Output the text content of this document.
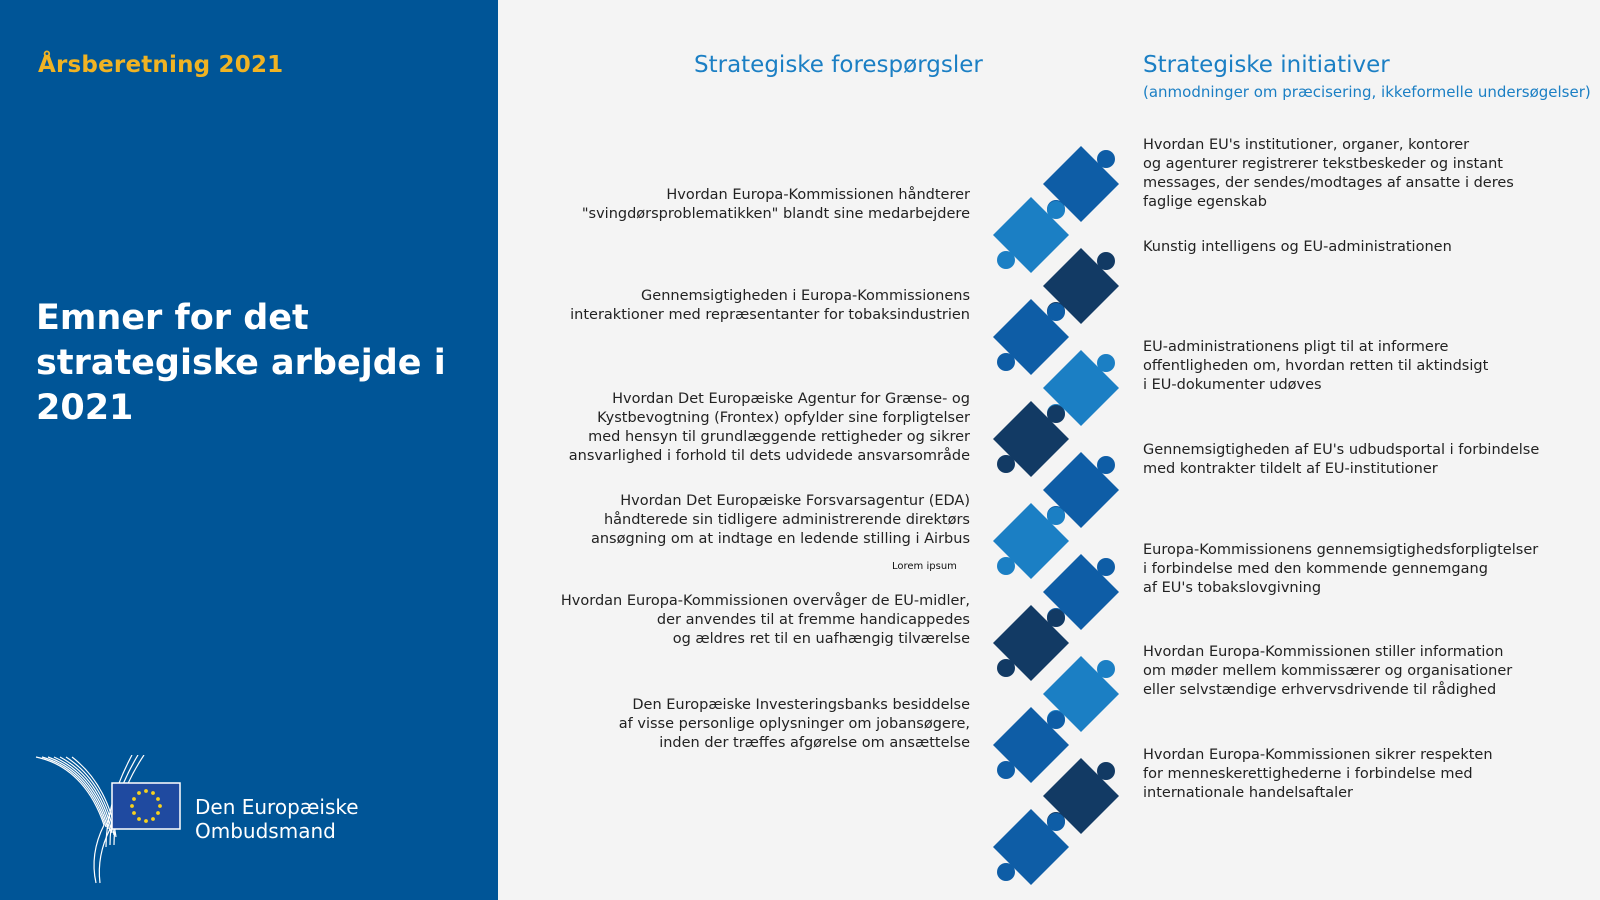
Årsberetning 2021
Emner for det strategiske arbejde i 2021
Den Europæiske
Ombudsmand
Strategiske forespørgsler	Strategiske initiativer
(anmodninger om præcisering, ikkeformelle undersøgelser)
Hvordan Europa-Kommissionen håndterer
"svingdørsproblematikken" blandt sine medarbejdere
Gennemsigtigheden i Europa-Kommissionens
interaktioner med repræsentanter for tobaksindustrien
Hvordan Det Europæiske Agentur for Grænse- og
Kystbevogtning (Frontex) opfylder sine forpligtelser
med hensyn til grundlæggende rettigheder og sikrer
ansvarlighed i forhold til dets udvidede ansvarsområde
Hvordan Det Europæiske Forsvarsagentur (EDA)
håndterede sin tidligere administrerende direktørs
ansøgning om at indtage en ledende stilling i Airbus
Lorem ipsum
Hvordan Europa-Kommissionen overvåger de EU-midler,
der anvendes til at fremme handicappedes
og ældres ret til en uafhængig tilværelse
Den Europæiske Investeringsbanks besiddelse
af visse personlige oplysninger om jobansøgere,
inden der træffes afgørelse om ansættelse
Hvordan EU's institutioner, organer, kontorer
og agenturer registrerer tekstbeskeder og instant
messages, der sendes/modtages af ansatte i deres
faglige egenskab
Kunstig intelligens og EU-administrationen
EU-administrationens pligt til at informere
offentligheden om, hvordan retten til aktindsigt
i EU-dokumenter udøves
Gennemsigtigheden af EU's udbudsportal i forbindelse
med kontrakter tildelt af EU-institutioner
Europa-Kommissionens gennemsigtighedsforpligtelser
i forbindelse med den kommende gennemgang
af EU's tobakslovgivning
Hvordan Europa-Kommissionen stiller information
om møder mellem kommissærer og organisationer
eller selvstændige erhvervsdrivende til rådighed
Hvordan Europa-Kommissionen sikrer respekten
for menneskerettighederne i forbindelse med
internationale handelsaftaler
